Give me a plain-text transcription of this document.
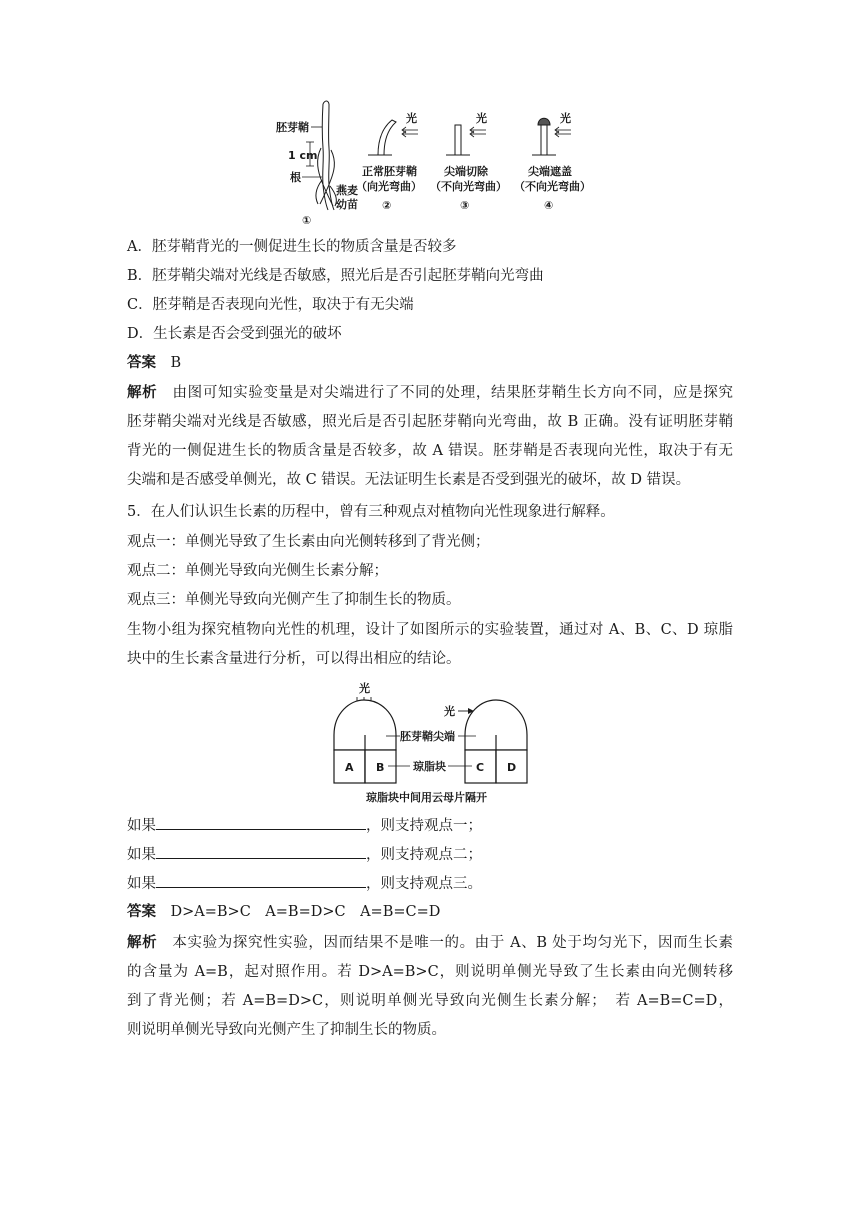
胚芽鞘
1 cm
根
燕麦
幼苗
①
光
正常胚芽鞘
（向光弯曲）
②
光
尖端切除
（不向光弯曲）
③
光
尖端遮盖
（不向光弯曲）
④
A．胚芽鞘背光的一侧促进生长的物质含量是否较多
B．胚芽鞘尖端对光线是否敏感，照光后是否引起胚芽鞘向光弯曲
C．胚芽鞘是否表现向光性，取决于有无尖端
D．生长素是否会受到强光的破坏
答案　 B
解析　 由图可知实验变量是对尖端进行了不同的处理，结果胚芽鞘生长方向不同，应是探究
胚芽鞘尖端对光线是否敏感，照光后是否引起胚芽鞘向光弯曲，故 B 正确。没有证明胚芽鞘
背光的一侧促进生长的物质含量是否较多，故 A 错误。胚芽鞘是否表现向光性，取决于有无
尖端和是否感受单侧光，故 C 错误。无法证明生长素是否受到强光的破坏，故 D 错误。
5．在人们认识生长素的历程中，曾有三种观点对植物向光性现象进行解释。
观点一：单侧光导致了生长素由向光侧转移到了背光侧；
观点二：单侧光导致向光侧生长素分解；
观点三：单侧光导致向光侧产生了抑制生长的物质。
生物小组为探究植物向光性的机理，设计了如图所示的实验装置，通过对 A、B、C、D 琼脂
块中的生长素含量进行分析，可以得出相应的结论。
光
A B
光
C D
胚芽鞘尖端
琼脂块
琼脂块中间用云母片隔开
如果	，则支持观点一；
如果	，则支持观点二；
如果	，则支持观点三。
答案　 D>A=B>C　A=B=D>C　A=B=C=D
解析　 本实验为探究性实验，因而结果不是唯一的。由于 A、B 处于均匀光下，因而生长素
的含量为 A=B，起对照作用。若 D>A=B>C，则说明单侧光导致了生长素由向光侧转移
到了背光侧；若 A=B=D>C，则说明单侧光导致向光侧生长素分解；　若 A=B=C=D，
则说明单侧光导致向光侧产生了抑制生长的物质。
